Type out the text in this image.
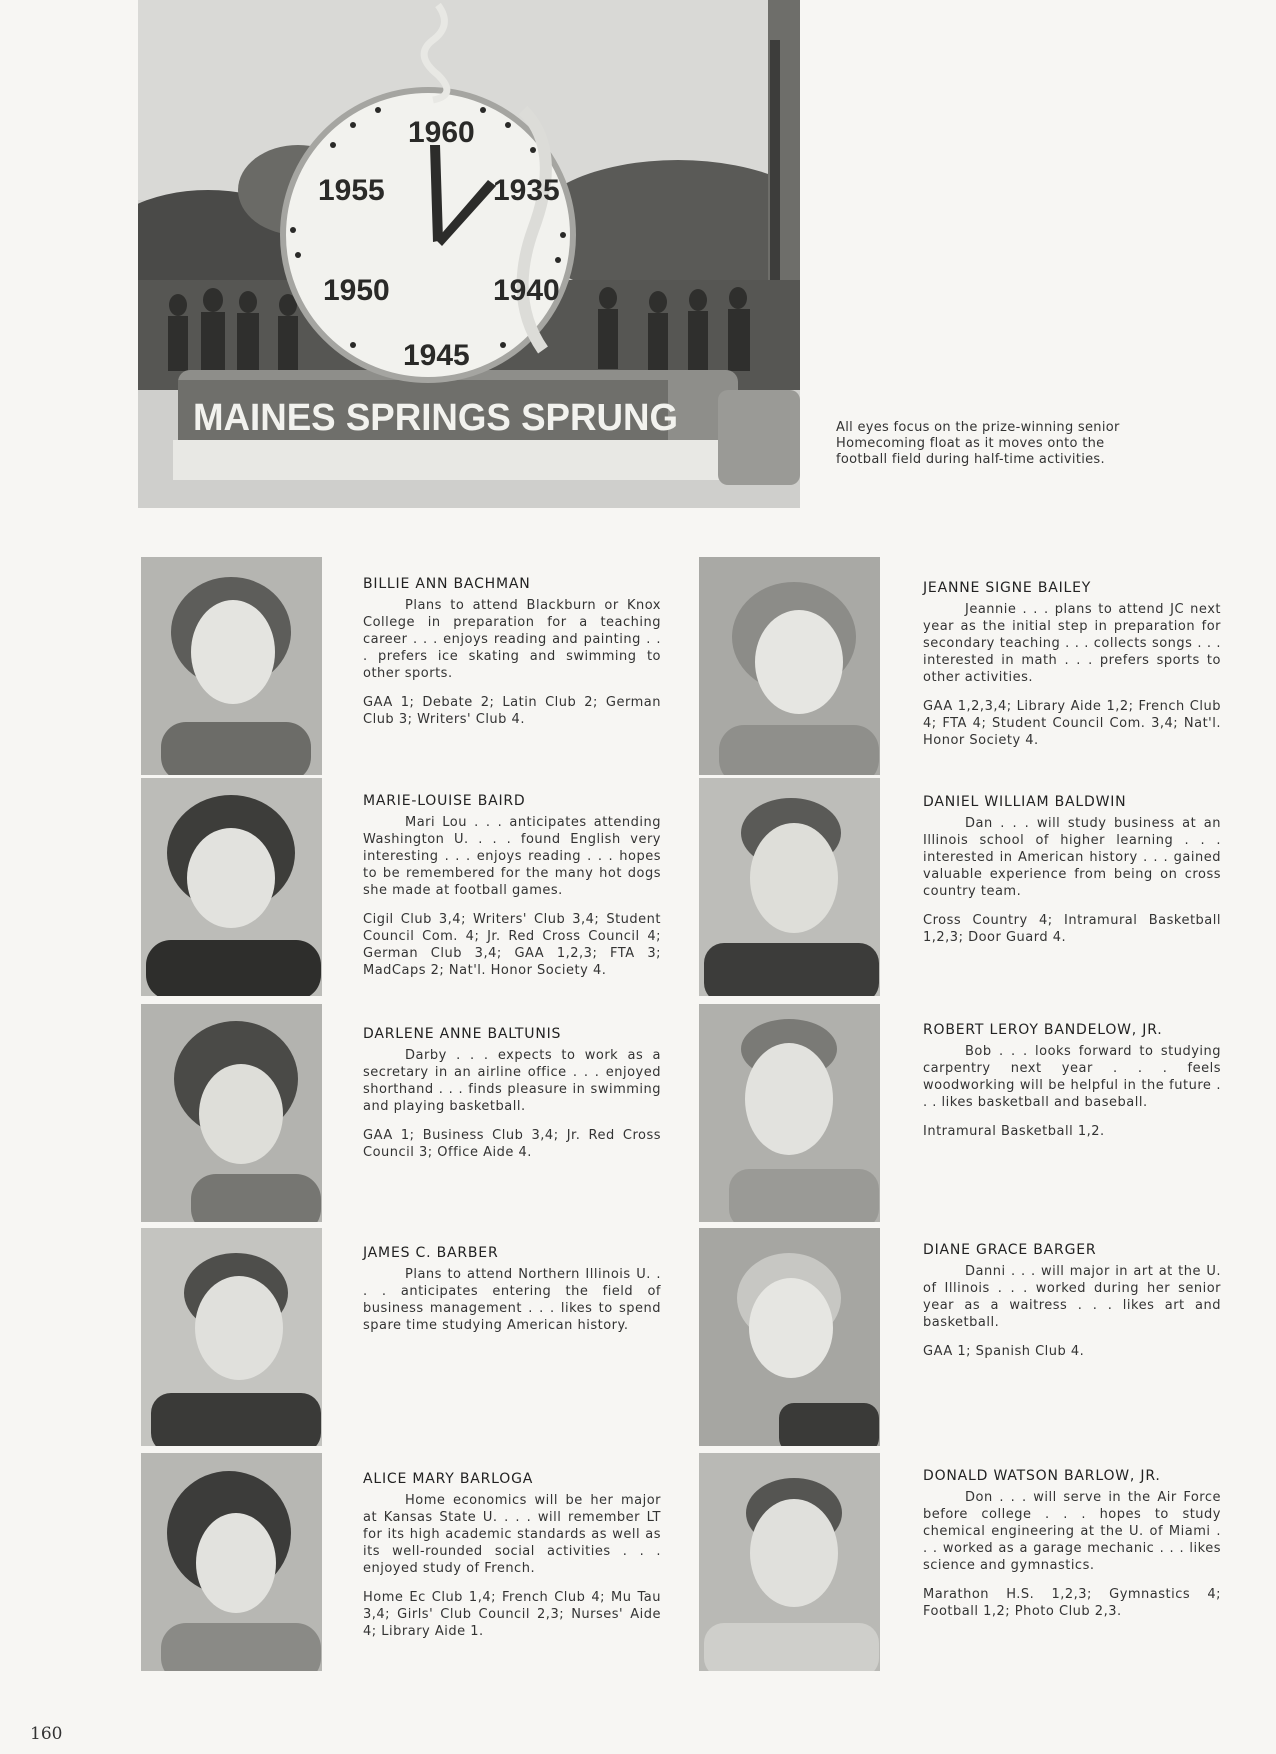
1960
1935
1940
1945
1950
1955
MAINES SPRINGS SPRUNG	All eyes focus on the prize-winning senior Homecoming float as it moves onto the football field during half-time activities.

BILLIE ANN BACHMAN

Plans to attend Blackburn or Knox College in preparation for a teaching career . . . enjoys reading and painting . . . prefers ice skating and swimming to other sports.

GAA 1; Debate 2; Latin Club 2; German Club 3; Writers' Club 4.

MARIE-LOUISE BAIRD

Mari Lou . . . anticipates attending Washington U. . . . found English very interesting . . . enjoys reading . . . hopes to be remembered for the many hot dogs she made at football games.

Cigil Club 3,4; Writers' Club 3,4; Student Council Com. 4; Jr. Red Cross Council 4; German Club 3,4; GAA 1,2,3; FTA 3; MadCaps 2; Nat'l. Honor Society 4.

DARLENE ANNE BALTUNIS

Darby . . . expects to work as a secretary in an airline office . . . enjoyed shorthand . . . finds pleasure in swimming and playing basketball.

GAA 1; Business Club 3,4; Jr. Red Cross Council 3; Office Aide 4.

JAMES C. BARBER

Plans to attend Northern Illinois U. . . . anticipates entering the field of business management . . . likes to spend spare time studying American history.

ALICE MARY BARLOGA

Home economics will be her major at Kansas State U. . . . will remember LT for its high academic standards as well as its well-rounded social activities . . . enjoyed study of French.

Home Ec Club 1,4; French Club 4; Mu Tau 3,4; Girls' Club Council 2,3; Nurses' Aide 4; Library Aide 1.

JEANNE SIGNE BAILEY

Jeannie . . . plans to attend JC next year as the initial step in preparation for secondary teaching . . . collects songs . . . interested in math . . . prefers sports to other activities.

GAA 1,2,3,4; Library Aide 1,2; French Club 4; FTA 4; Student Council Com. 3,4; Nat'l. Honor Society 4.

DANIEL WILLIAM BALDWIN

Dan . . . will study business at an Illinois school of higher learning . . . interested in American history . . . gained valuable experience from being on cross country team.

Cross Country 4; Intramural Basketball 1,2,3; Door Guard 4.

ROBERT LEROY BANDELOW, JR.

Bob . . . looks forward to studying carpentry next year . . . feels woodworking will be helpful in the future . . . likes basketball and baseball.

Intramural Basketball 1,2.

DIANE GRACE BARGER

Danni . . . will major in art at the U. of Illinois . . . worked during her senior year as a waitress . . . likes art and basketball.

GAA 1; Spanish Club 4.

DONALD WATSON BARLOW, JR.

Don . . . will serve in the Air Force before college . . . hopes to study chemical engineering at the U. of Miami . . . worked as a garage mechanic . . . likes science and gymnastics.

Marathon H.S. 1,2,3; Gymnastics 4; Football 1,2; Photo Club 2,3.

160
